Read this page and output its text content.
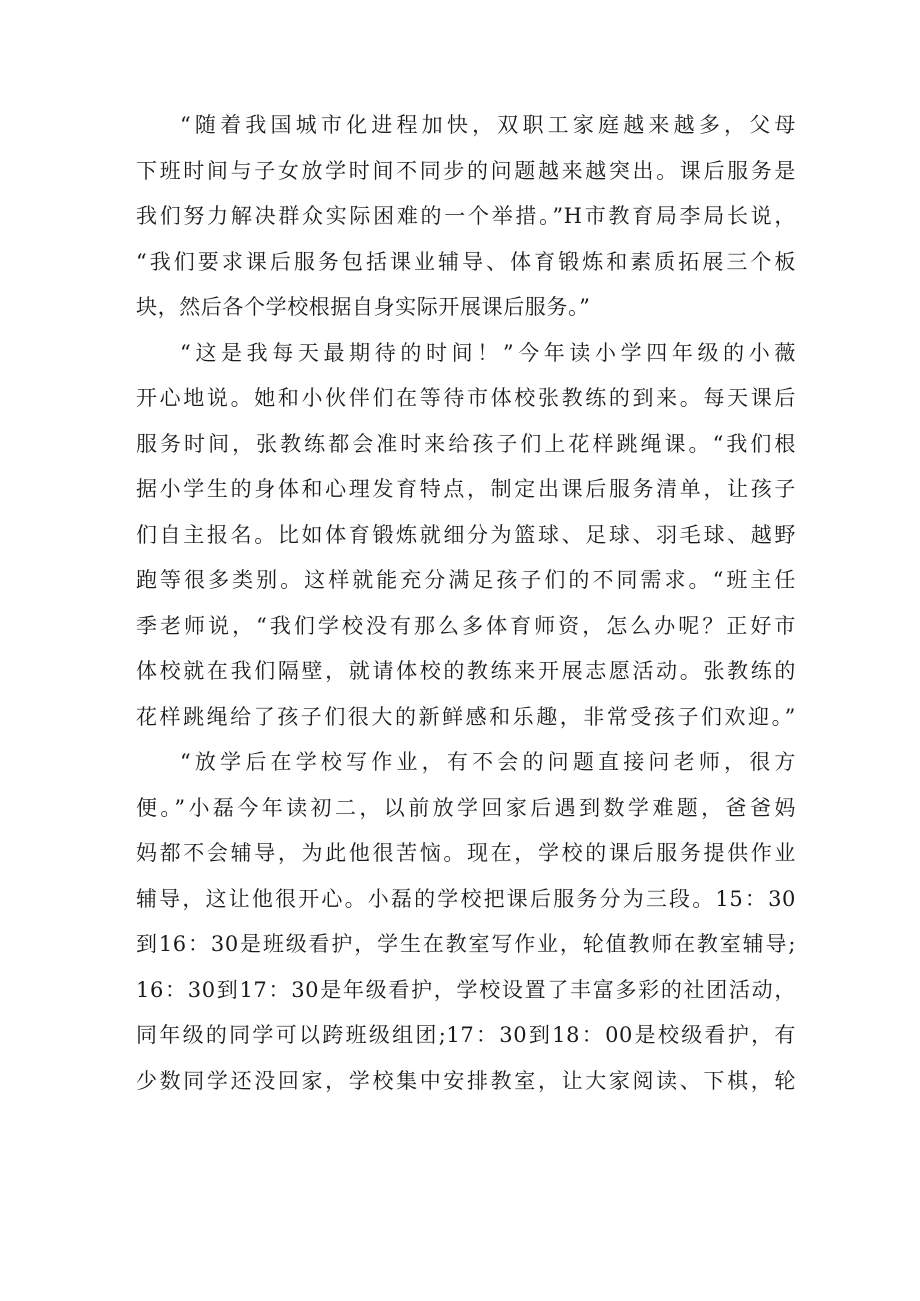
“随着我国城市化进程加快，双职工家庭越来越多，父母
下班时间与子女放学时间不同步的问题越来越突出。课后服务是
我们努力解决群众实际困难的一个举措。”H市教育局李局长说，
“我们要求课后服务包括课业辅导、体育锻炼和素质拓展三个板
块，然后各个学校根据自身实际开展课后服务。”
“这是我每天最期待的时间！”今年读小学四年级的小薇
开心地说。她和小伙伴们在等待市体校张教练的到来。每天课后
服务时间，张教练都会准时来给孩子们上花样跳绳课。“我们根
据小学生的身体和心理发育特点，制定出课后服务清单，让孩子
们自主报名。比如体育锻炼就细分为篮球、足球、羽毛球、越野
跑等很多类别。这样就能充分满足孩子们的不同需求。“班主任
季老师说，“我们学校没有那么多体育师资，怎么办呢？正好市
体校就在我们隔壁，就请体校的教练来开展志愿活动。张教练的
花样跳绳给了孩子们很大的新鲜感和乐趣，非常受孩子们欢迎。”
“放学后在学校写作业，有不会的问题直接问老师，很方
便。”小磊今年读初二，以前放学回家后遇到数学难题，爸爸妈
妈都不会辅导，为此他很苦恼。现在，学校的课后服务提供作业
辅导，这让他很开心。小磊的学校把课后服务分为三段。15：30
到16：30是班级看护，学生在教室写作业，轮值教师在教室辅导;
16：30到17：30是年级看护，学校设置了丰富多彩的社团活动，
同年级的同学可以跨班级组团;17：30到18：00是校级看护，有
少数同学还没回家，学校集中安排教室，让大家阅读、下棋，轮
